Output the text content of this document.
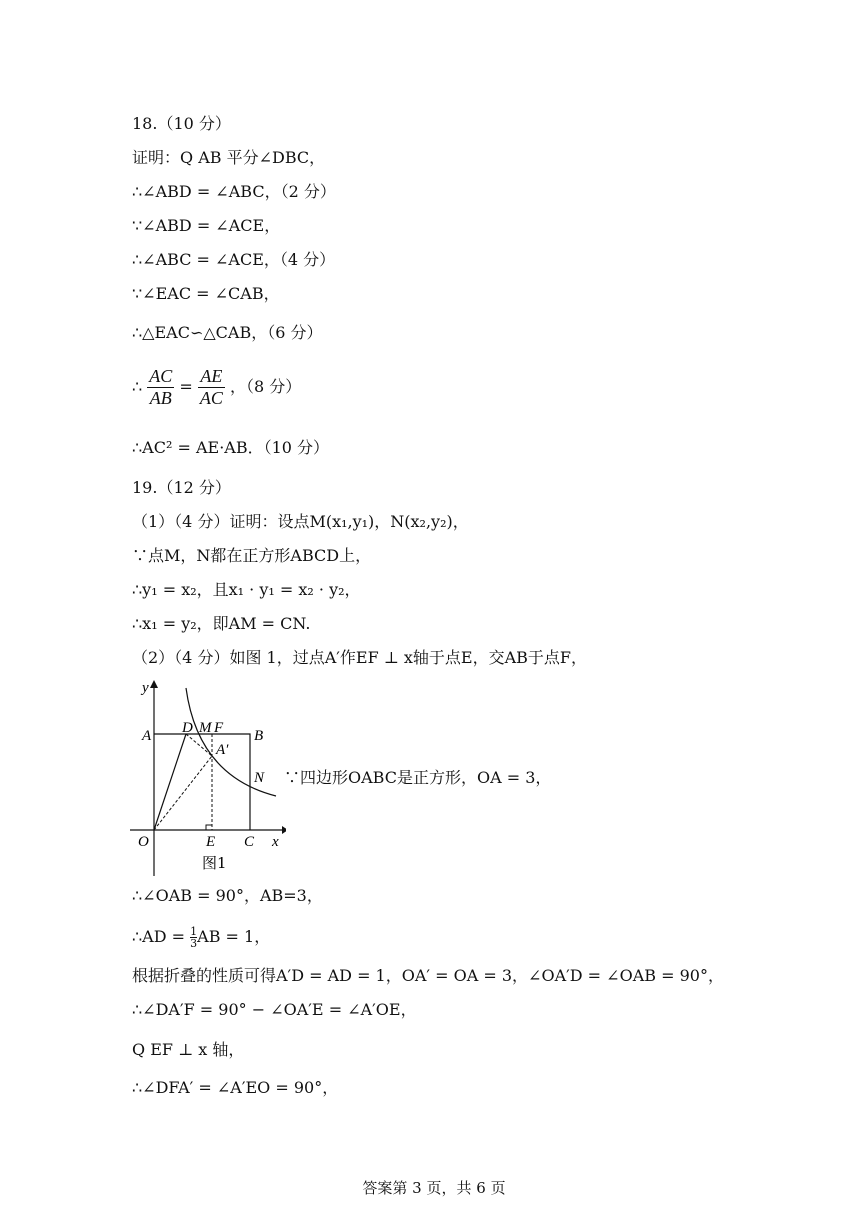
18.（10 分）
证明：Q AB 平分∠DBC，
∴∠ABD = ∠ABC，（2 分）
∵∠ABD = ∠ACE，
∴∠ABC = ∠ACE，（4 分）
∵∠EAC = ∠CAB，
∴△EAC∽△CAB，（6 分）
∴ $\frac{AC}{AB} = \frac{AE}{AC}$ ，（8 分）
∴AC² = AE·AB．（10 分）
19.（12 分）
（1）（4 分）证明：设点M(x₁,y₁)，N(x₂,y₂)，
∵点M，N都在正方形ABCD上，
∴y₁ = x₂，且x₁ · y₁ = x₂ · y₂，
∴x₁ = y₂，即AM = CN.
（2）（4 分）如图 1，过点A′作EF ⊥ x轴于点E，交AB于点F，
y
x
A D M F B
A′
N
O	E C
图1
∵四边形OABC是正方形，OA = 3，
∴∠OAB = 90°，AB=3，
∴AD = $\frac{1}{3}AB = 1$，
根据折叠的性质可得A′D = AD = 1，OA′ = OA = 3，∠OA′D = ∠OAB = 90°，
∴∠DA′F = 90° − ∠OA′E = ∠A′OE，
Q EF ⊥ x 轴，
∴∠DFA′ = ∠A′EO = 90°，
答案第 3 页，共 6 页
